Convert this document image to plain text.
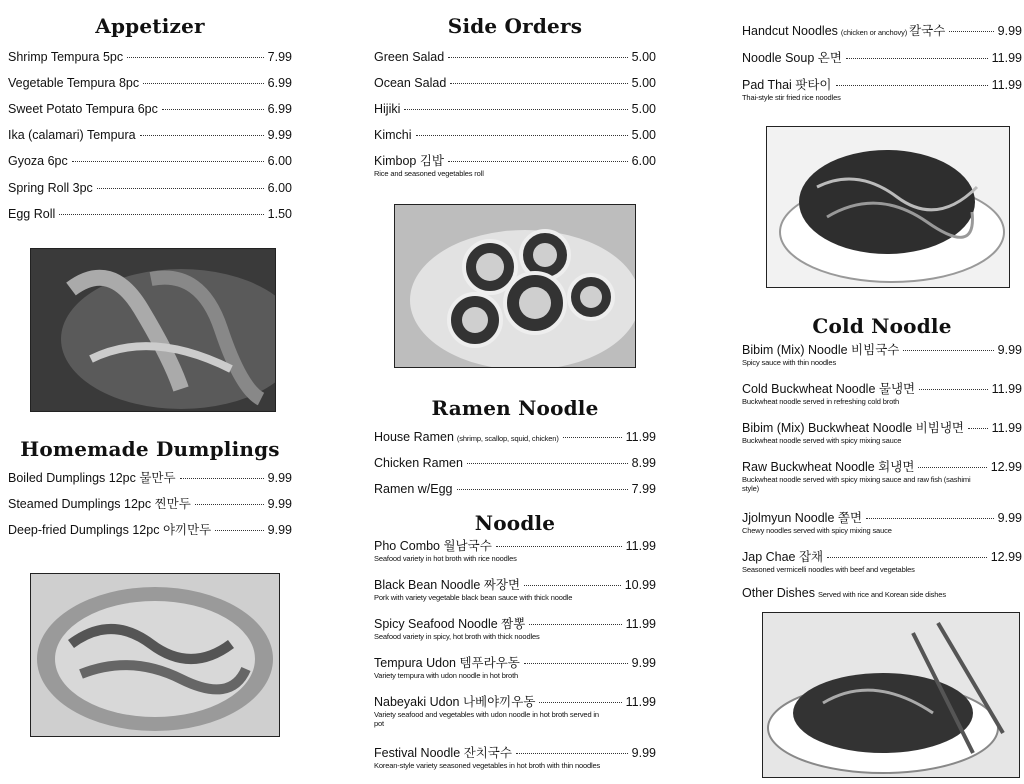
Appetizer
Shrimp Tempura 5pc	7.99
Vegetable Tempura 8pc	6.99
Sweet Potato Tempura 6pc	6.99
Ika (calamari) Tempura	9.99
Gyoza 6pc	6.00
Spring Roll 3pc	6.00
Egg Roll	1.50
Homemade Dumplings
Boiled Dumplings 12pc 물만두	9.99
Steamed Dumplings 12pc 찐만두	9.99
Deep-fried Dumplings 12pc 야끼만두	9.99
Side Orders
Green Salad	5.00
Ocean Salad	5.00
Hijiki	5.00
Kimchi	5.00
Kimbop 김밥	6.00
Rice and seasoned vegetables roll
Ramen Noodle
House Ramen (shrimp, scallop, squid, chicken)	11.99
Chicken Ramen	8.99
Ramen w/Egg	7.99
Noodle
Pho Combo 월남국수	11.99
Seafood variety in hot broth with rice noodles
Black Bean Noodle 짜장면	10.99
Pork with variety vegetable black bean sauce with thick noodle
Spicy Seafood Noodle 짬뽕	11.99
Seafood variety in spicy, hot broth with thick noodles
Tempura Udon 템푸라우동	9.99
Variety tempura with udon noodle in hot broth
Nabeyaki Udon 나베야끼우동	11.99
Variety seafood and vegetables with udon noodle in hot broth served in pot
Festival Noodle 잔치국수	9.99
Korean-style variety seasoned vegetables in hot broth with thin noodles
Handcut Noodles (chicken or anchovy) 칼국수	9.99
Noodle Soup 온면	11.99
Pad Thai 팟타이	11.99
Thai-style stir fried rice noodles
Cold Noodle
Bibim (Mix) Noodle 비빔국수	9.99
Spicy sauce with thin noodles
Cold Buckwheat Noodle 물냉면	11.99
Buckwheat noodle served in refreshing cold broth
Bibim (Mix) Buckwheat Noodle 비빔냉면 11.99
Buckwheat noodle served with spicy mixing sauce
Raw Buckwheat Noodle 회냉면	12.99
Buckwheat noodle served with spicy mixing sauce and raw fish (sashimi style)
Jjolmyun Noodle 쫄면	9.99
Chewy noodles served with spicy mixing sauce
Jap Chae 잡채	12.99
Seasoned vermicelli noodles with beef and vegetables
Other Dishes Served with rice and Korean side dishes
